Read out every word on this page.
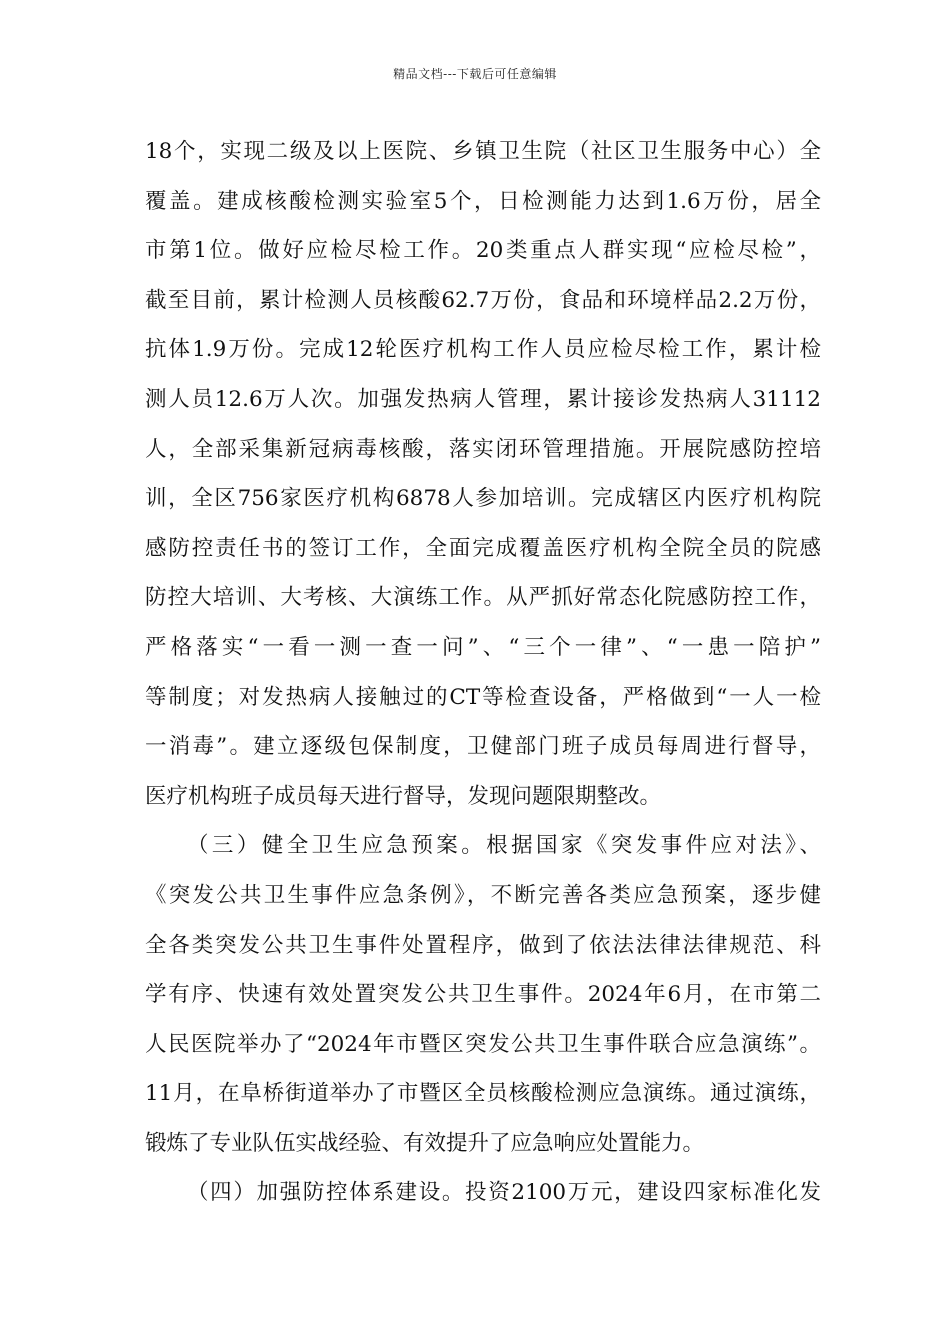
精品文档---下载后可任意编辑
18个，实现二级及以上医院、乡镇卫生院（社区卫生服务中心）全
覆盖。建成核酸检测实验室5个，日检测能力达到1.6万份，居全
市第1位。做好应检尽检工作。20类重点人群实现“应检尽检”，
截至目前，累计检测人员核酸62.7万份，食品和环境样品2.2万份，
抗体1.9万份。完成12轮医疗机构工作人员应检尽检工作，累计检
测人员12.6万人次。加强发热病人管理，累计接诊发热病人31112
人，全部采集新冠病毒核酸，落实闭环管理措施。开展院感防控培
训，全区756家医疗机构6878人参加培训。完成辖区内医疗机构院
感防控责任书的签订工作，全面完成覆盖医疗机构全院全员的院感
防控大培训、大考核、大演练工作。从严抓好常态化院感防控工作，
严格落实“一看一测一查一问”、“三个一律”、“一患一陪护”
等制度；对发热病人接触过的CT等检查设备，严格做到“一人一检
一消毒”。建立逐级包保制度，卫健部门班子成员每周进行督导，
医疗机构班子成员每天进行督导，发现问题限期整改。
（三）健全卫生应急预案。根据国家《突发事件应对法》、
《突发公共卫生事件应急条例》，不断完善各类应急预案，逐步健
全各类突发公共卫生事件处置程序，做到了依法法律法律规范、科
学有序、快速有效处置突发公共卫生事件。2024年6月，在市第二
人民医院举办了“2024年市暨区突发公共卫生事件联合应急演练”。
11月，在阜桥街道举办了市暨区全员核酸检测应急演练。通过演练，
锻炼了专业队伍实战经验、有效提升了应急响应处置能力。
（四）加强防控体系建设。投资2100万元，建设四家标准化发
